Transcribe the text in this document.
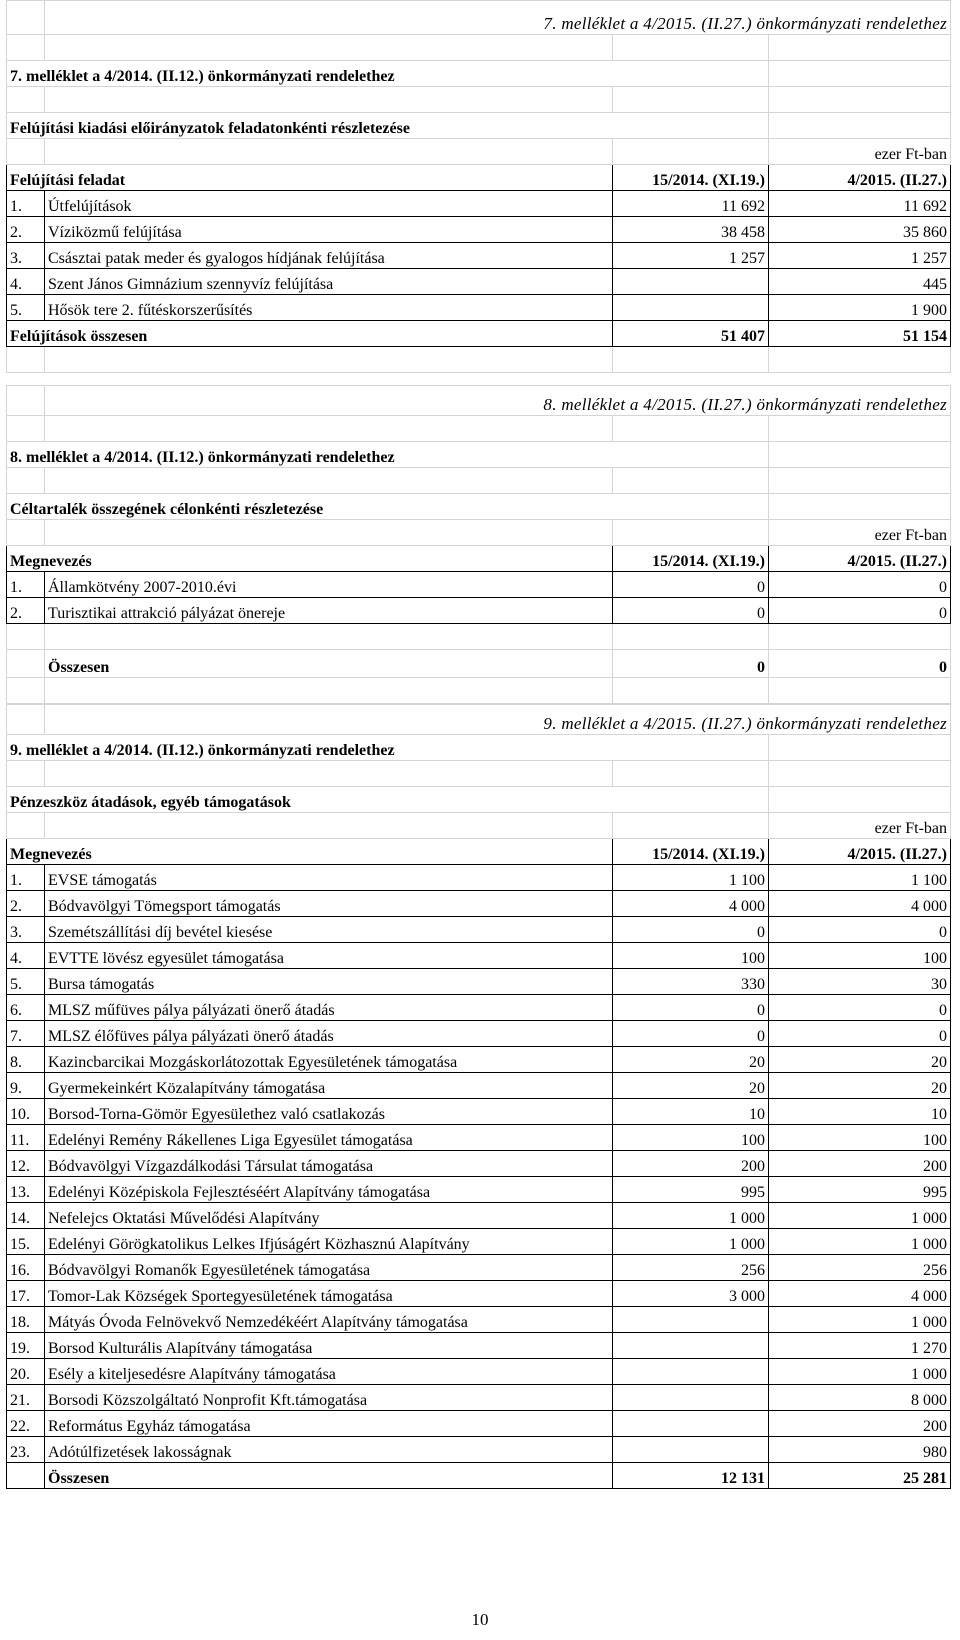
	7. melléklet a 4/2015. (II.27.) önkormányzati rendelethez		

7. melléklet a 4/2014. (II.12.) önkormányzati rendelethez			

Felújítási kiadási előirányzatok feladatonkénti részletezése			
			ezer Ft-ban
Felújítási feladat		15/2014. (XI.19.)	4/2015. (II.27.)
1.	Útfelújítások	11 692	11 692
2.	Víziközmű felújítása	38 458	35 860
3.	Császtai patak meder és gyalogos hídjának felújítása	1 257	1 257
4.	Szent János Gimnázium szennyvíz felújítása		445
5.	Hősök tere 2. fűtéskorszerűsítés		1 900
Felújítások összesen		51 407	51 154

	8. melléklet a 4/2015. (II.27.) önkormányzati rendelethez		

8. melléklet a 4/2014. (II.12.) önkormányzati rendelethez			

Céltartalék összegének célonkénti részletezése			
			ezer Ft-ban
Megnevezés		15/2014. (XI.19.)	4/2015. (II.27.)
1.	Államkötvény 2007-2010.évi	0	0
2.	Turisztikai attrakció pályázat önereje	0	0

	Összesen	0	0

	9. melléklet a 4/2015. (II.27.) önkormányzati rendelethez		
9. melléklet a 4/2014. (II.12.) önkormányzati rendelethez			

Pénzeszköz átadások, egyéb támogatások			
			ezer Ft-ban
Megnevezés		15/2014. (XI.19.)	4/2015. (II.27.)
1.	EVSE támogatás	1 100	1 100
2.	Bódvavölgyi Tömegsport támogatás	4 000	4 000
3.	Szemétszállítási díj bevétel kiesése	0	0
4.	EVTTE lövész egyesület támogatása	100	100
5.	Bursa támogatás	330	30
6.	MLSZ műfüves pálya pályázati önerő átadás	0	0
7.	MLSZ élőfüves pálya pályázati önerő átadás	0	0
8.	Kazincbarcikai Mozgáskorlátozottak Egyesületének támogatása	20	20
9.	Gyermekeinkért Közalapítvány támogatása	20	20
10.	Borsod-Torna-Gömör Egyesülethez való csatlakozás	10	10
11.	Edelényi Remény Rákellenes Liga Egyesület támogatása	100	100
12.	Bódvavölgyi Vízgazdálkodási Társulat támogatása	200	200
13.	Edelényi Középiskola Fejlesztéséért Alapítvány támogatása	995	995
14.	Nefelejcs Oktatási Művelődési Alapítvány	1 000	1 000
15.	Edelényi Görögkatolikus Lelkes Ifjúságért Közhasznú Alapítvány	1 000	1 000
16.	Bódvavölgyi Romanők Egyesületének támogatása	256	256
17.	Tomor-Lak Községek Sportegyesületének támogatása	3 000	4 000
18.	Mátyás Óvoda Felnövekvő Nemzedékéért Alapítvány támogatása		1 000
19.	Borsod Kulturális Alapítvány támogatása		1 270
20.	Esély a kiteljesedésre Alapítvány támogatása		1 000
21.	Borsodi Közszolgáltató Nonprofit Kft.támogatása		8 000
22.	Református Egyház támogatása		200
23.	Adótúlfizetések lakosságnak		980
	Összesen	12 131	25 281
10
